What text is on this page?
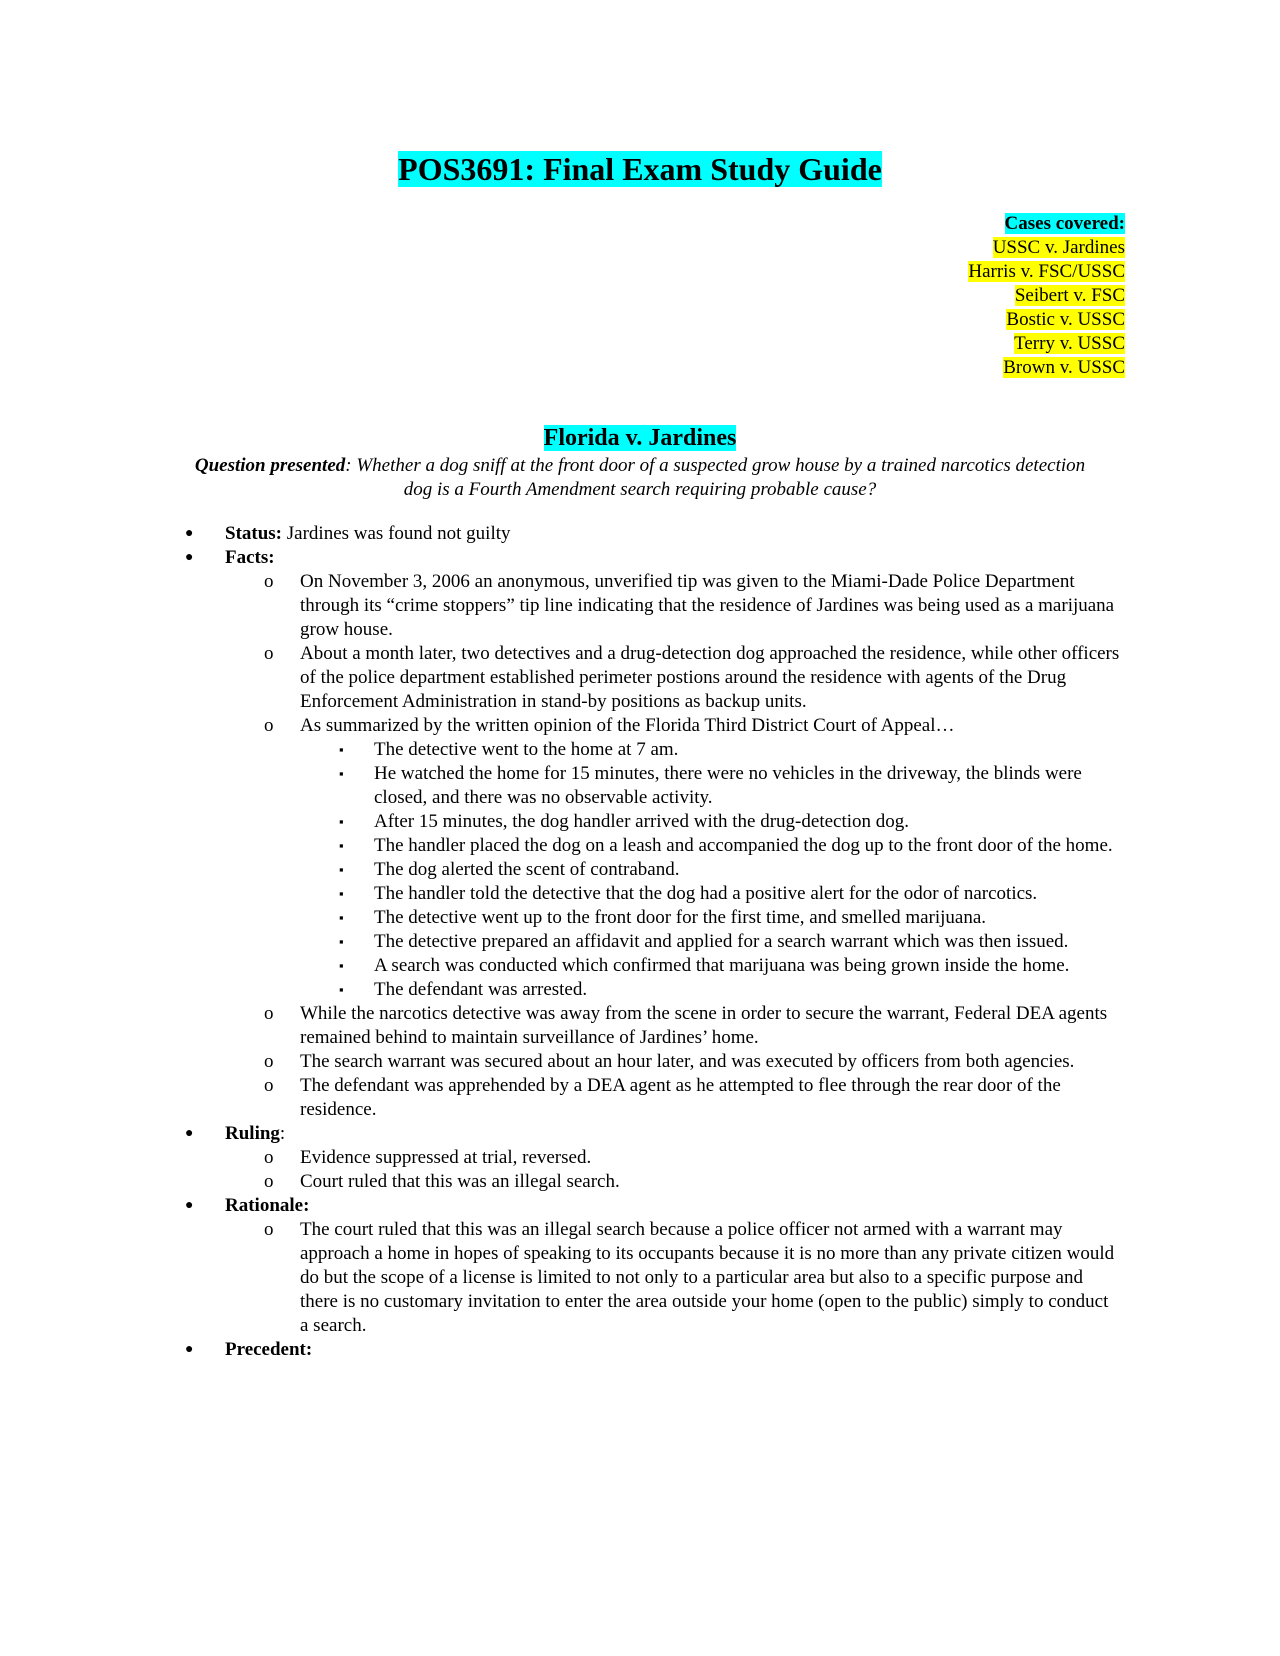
POS3691: Final Exam Study Guide
Cases covered:
USSC v. Jardines
Harris v. FSC/USSC
Seibert v. FSC
Bostic v. USSC
Terry v. USSC
Brown v. USSC
Florida v. Jardines
Question presented: Whether a dog sniff at the front door of a suspected grow house by a trained narcotics detection dog is a Fourth Amendment search requiring probable cause?
● Status: Jardines was found not guilty
● Facts:
o On November 3, 2006 an anonymous, unverified tip was given to the Miami-Dade Police Department through its “crime stoppers” tip line indicating that the residence of Jardines was being used as a marijuana grow house.
o About a month later, two detectives and a drug-detection dog approached the residence, while other officers of the police department established perimeter postions around the residence with agents of the Drug Enforcement Administration in stand-by positions as backup units.
o As summarized by the written opinion of the Florida Third District Court of Appeal…
▪ The detective went to the home at 7 am.
▪ He watched the home for 15 minutes, there were no vehicles in the driveway, the blinds were closed, and there was no observable activity.
▪ After 15 minutes, the dog handler arrived with the drug-detection dog.
▪ The handler placed the dog on a leash and accompanied the dog up to the front door of the home.
▪ The dog alerted the scent of contraband.
▪ The handler told the detective that the dog had a positive alert for the odor of narcotics.
▪ The detective went up to the front door for the first time, and smelled marijuana.
▪ The detective prepared an affidavit and applied for a search warrant which was then issued.
▪ A search was conducted which confirmed that marijuana was being grown inside the home.
▪ The defendant was arrested.
o While the narcotics detective was away from the scene in order to secure the warrant, Federal DEA agents remained behind to maintain surveillance of Jardines’ home.
o The search warrant was secured about an hour later, and was executed by officers from both agencies.
o The defendant was apprehended by a DEA agent as he attempted to flee through the rear door of the residence.
● Ruling:
o Evidence suppressed at trial, reversed.
o Court ruled that this was an illegal search.
● Rationale:
o The court ruled that this was an illegal search because a police officer not armed with a warrant may approach a home in hopes of speaking to its occupants because it is no more than any private citizen would do but the scope of a license is limited to not only to a particular area but also to a specific purpose and there is no customary invitation to enter the area outside your home (open to the public) simply to conduct a search.
● Precedent:
